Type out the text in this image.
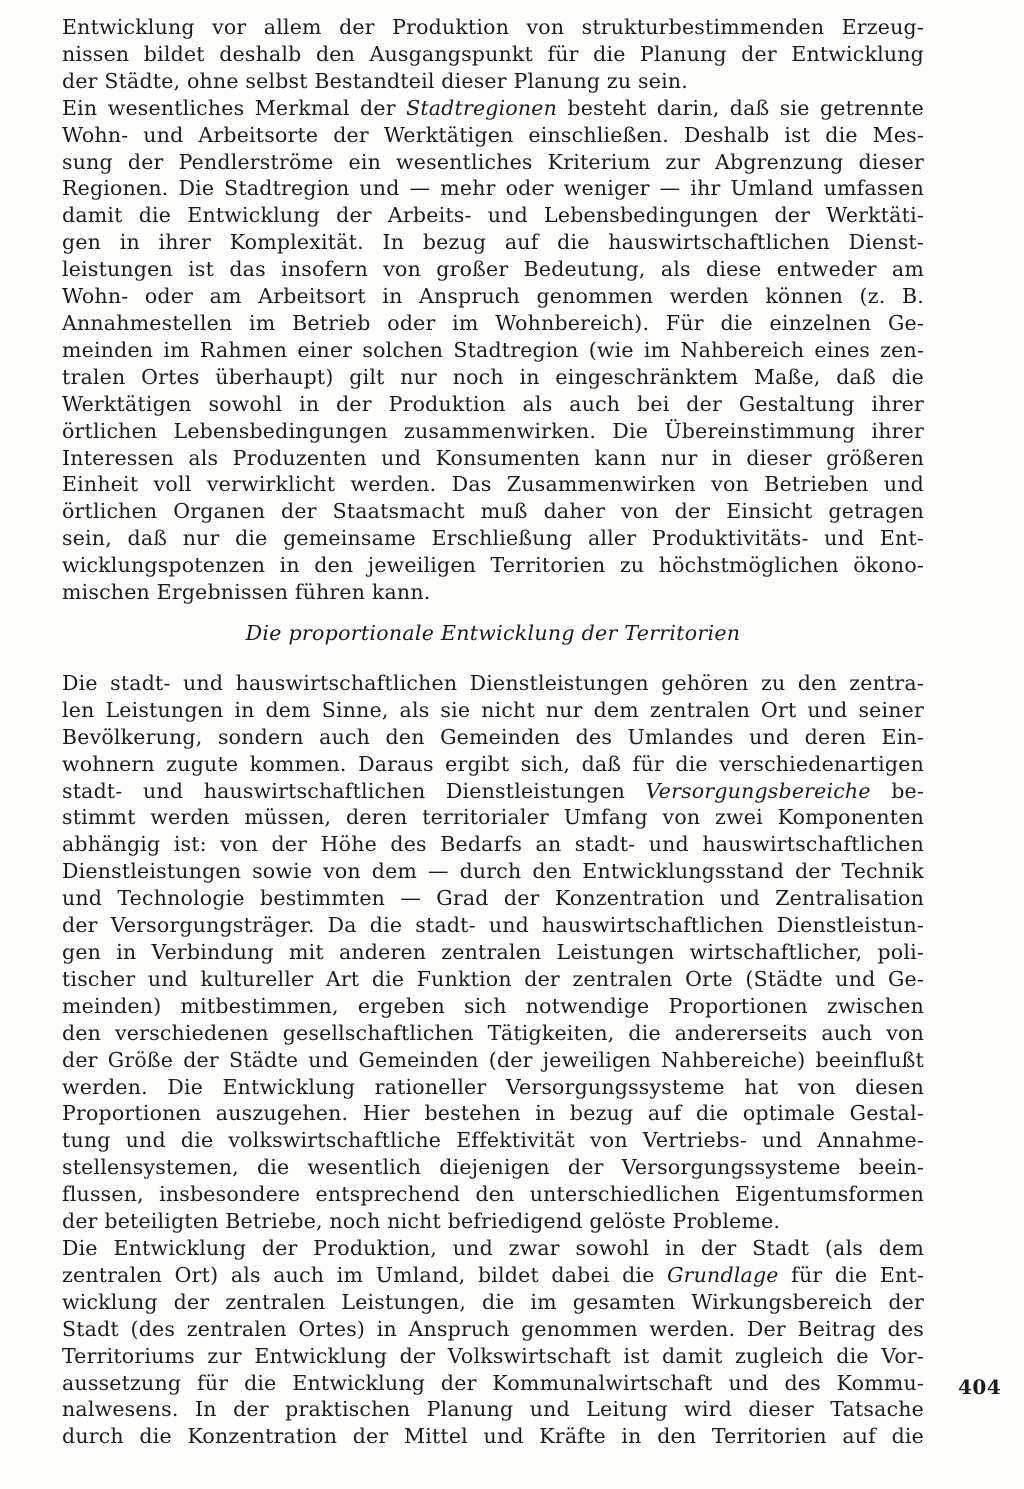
Entwicklung vor allem der Produktion von strukturbestimmenden Erzeug-
nissen bildet deshalb den Ausgangspunkt für die Planung der Entwicklung
der Städte, ohne selbst Bestandteil dieser Planung zu sein.
Ein wesentliches Merkmal der Stadtregionen besteht darin, daß sie getrennte
Wohn- und Arbeitsorte der Werktätigen einschließen. Deshalb ist die Mes-
sung der Pendlerströme ein wesentliches Kriterium zur Abgrenzung dieser
Regionen. Die Stadtregion und — mehr oder weniger — ihr Umland umfassen
damit die Entwicklung der Arbeits- und Lebensbedingungen der Werktäti-
gen in ihrer Komplexität. In bezug auf die hauswirtschaftlichen Dienst-
leistungen ist das insofern von großer Bedeutung, als diese entweder am
Wohn- oder am Arbeitsort in Anspruch genommen werden können (z. B.
Annahmestellen im Betrieb oder im Wohnbereich). Für die einzelnen Ge-
meinden im Rahmen einer solchen Stadtregion (wie im Nahbereich eines zen-
tralen Ortes überhaupt) gilt nur noch in eingeschränktem Maße, daß die
Werktätigen sowohl in der Produktion als auch bei der Gestaltung ihrer
örtlichen Lebensbedingungen zusammenwirken. Die Übereinstimmung ihrer
Interessen als Produzenten und Konsumenten kann nur in dieser größeren
Einheit voll verwirklicht werden. Das Zusammenwirken von Betrieben und
örtlichen Organen der Staatsmacht muß daher von der Einsicht getragen
sein, daß nur die gemeinsame Erschließung aller Produktivitäts- und Ent-
wicklungspotenzen in den jeweiligen Territorien zu höchstmöglichen ökono-
mischen Ergebnissen führen kann.
Die stadt- und hauswirtschaftlichen Dienstleistungen gehören zu den zentra-
len Leistungen in dem Sinne, als sie nicht nur dem zentralen Ort und seiner
Bevölkerung, sondern auch den Gemeinden des Umlandes und deren Ein-
wohnern zugute kommen. Daraus ergibt sich, daß für die verschiedenartigen
stadt- und hauswirtschaftlichen Dienstleistungen Versorgungsbereiche be-
stimmt werden müssen, deren territorialer Umfang von zwei Komponenten
abhängig ist: von der Höhe des Bedarfs an stadt- und hauswirtschaftlichen
Dienstleistungen sowie von dem — durch den Entwicklungsstand der Technik
und Technologie bestimmten — Grad der Konzentration und Zentralisation
der Versorgungsträger. Da die stadt- und hauswirtschaftlichen Dienstleistun-
gen in Verbindung mit anderen zentralen Leistungen wirtschaftlicher, poli-
tischer und kultureller Art die Funktion der zentralen Orte (Städte und Ge-
meinden) mitbestimmen, ergeben sich notwendige Proportionen zwischen
den verschiedenen gesellschaftlichen Tätigkeiten, die andererseits auch von
der Größe der Städte und Gemeinden (der jeweiligen Nahbereiche) beeinflußt
werden. Die Entwicklung rationeller Versorgungssysteme hat von diesen
Proportionen auszugehen. Hier bestehen in bezug auf die optimale Gestal-
tung und die volkswirtschaftliche Effektivität von Vertriebs- und Annahme-
stellensystemen, die wesentlich diejenigen der Versorgungssysteme beein-
flussen, insbesondere entsprechend den unterschiedlichen Eigentumsformen
der beteiligten Betriebe, noch nicht befriedigend gelöste Probleme.
Die Entwicklung der Produktion, und zwar sowohl in der Stadt (als dem
zentralen Ort) als auch im Umland, bildet dabei die Grundlage für die Ent-
wicklung der zentralen Leistungen, die im gesamten Wirkungsbereich der
Stadt (des zentralen Ortes) in Anspruch genommen werden. Der Beitrag des
Territoriums zur Entwicklung der Volkswirtschaft ist damit zugleich die Vor-
aussetzung für die Entwicklung der Kommunalwirtschaft und des Kommu-
nalwesens. In der praktischen Planung und Leitung wird dieser Tatsache
durch die Konzentration der Mittel und Kräfte in den Territorien auf die
Die proportionale Entwicklung der Territorien
404
